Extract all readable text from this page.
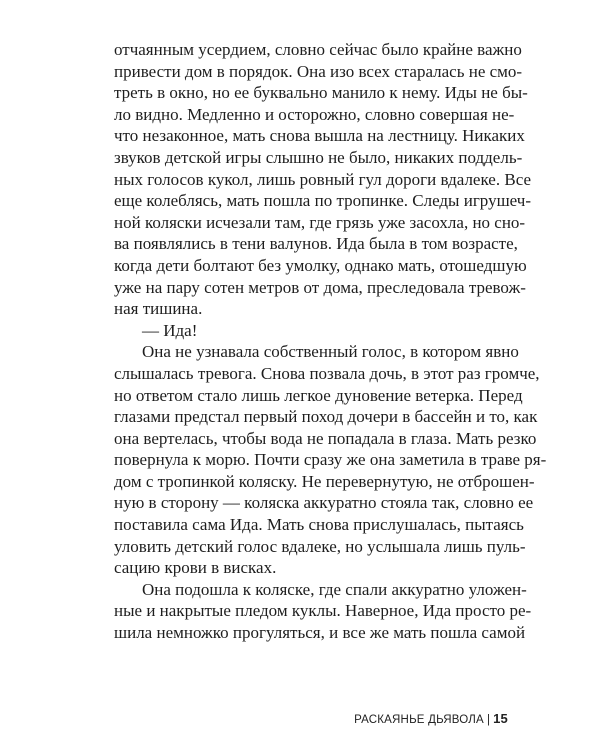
отчаянным усердием, словно сейчас было крайне важно
привести дом в порядок. Она изо всех старалась не смо-
треть в окно, но ее буквально манило к нему. Иды не бы-
ло видно. Медленно и осторожно, словно совершая не-
что незаконное, мать снова вышла на лестницу. Никаких
звуков детской игры слышно не было, никаких поддель-
ных голосов кукол, лишь ровный гул дороги вдалеке. Все
еще колеблясь, мать пошла по тропинке. Следы игрушеч-
ной коляски исчезали там, где грязь уже засохла, но сно-
ва появлялись в тени валунов. Ида была в том возрасте,
когда дети болтают без умолку, однако мать, отошедшую
уже на пару сотен метров от дома, преследовала тревож-
ная тишина.
— Ида!
Она не узнавала собственный голос, в котором явно
слышалась тревога. Снова позвала дочь, в этот раз громче,
но ответом стало лишь легкое дуновение ветерка. Перед
глазами предстал первый поход дочери в бассейн и то, как
она вертелась, чтобы вода не попадала в глаза. Мать резко
повернула к морю. Почти сразу же она заметила в траве ря-
дом с тропинкой коляску. Не перевернутую, не отброшен-
ную в сторону — коляска аккуратно стояла так, словно ее
поставила сама Ида. Мать снова прислушалась, пытаясь
уловить детский голос вдалеке, но услышала лишь пуль-
сацию крови в висках.
Она подошла к коляске, где спали аккуратно уложен-
ные и накрытые пледом куклы. Наверное, Ида просто ре-
шила немножко прогуляться, и все же мать пошла самой
РАСКАЯНЬЕ ДЬЯВОЛА | 15
